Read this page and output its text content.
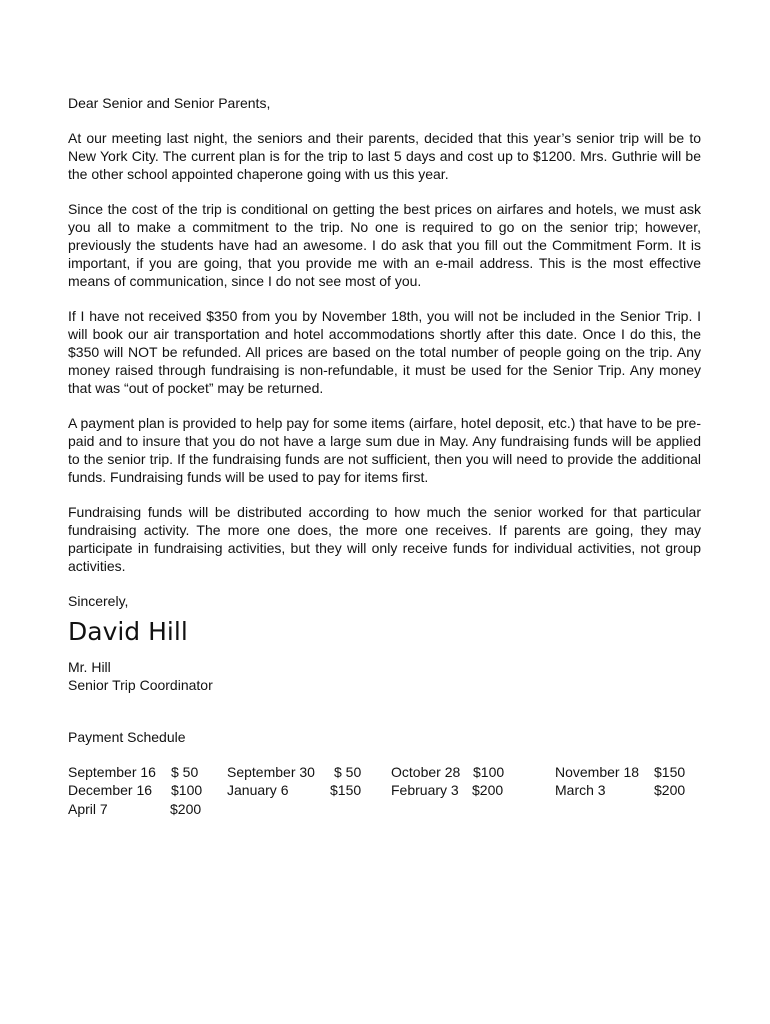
Dear Senior and Senior Parents,

At our meeting last night, the seniors and their parents, decided that this year’s senior trip will be to New York City. The current plan is for the trip to last 5 days and cost up to $1200. Mrs. Guthrie will be the other school appointed chaperone going with us this year.

Since the cost of the trip is conditional on getting the best prices on airfares and hotels, we must ask you all to make a commitment to the trip. No one is required to go on the senior trip; however, previously the students have had an awesome. I do ask that you fill out the Commitment Form. It is important, if you are going, that you provide me with an e-mail address. This is the most effective means of communication, since I do not see most of you.

If I have not received $350 from you by November 18th, you will not be included in the Senior Trip. I will book our air transportation and hotel accommodations shortly after this date. Once I do this, the $350 will NOT be refunded. All prices are based on the total number of people going on the trip. Any money raised through fundraising is non-refundable, it must be used for the Senior Trip. Any money that was “out of pocket” may be returned.

A payment plan is provided to help pay for some items (airfare, hotel deposit, etc.) that have to be pre-paid and to insure that you do not have a large sum due in May. Any fundraising funds will be applied to the senior trip. If the fundraising funds are not sufficient, then you will need to provide the additional funds. Fundraising funds will be used to pay for items first.

Fundraising funds will be distributed according to how much the senior worked for that particular fundraising activity. The more one does, the more one receives. If parents are going, they may participate in fundraising activities, but they will only receive funds for individual activities, not group activities.

Sincerely,

David Hill

Mr. Hill

Senior Trip Coordinator

Payment Schedule

September 16 $ 50 September 30 $ 50 October 28 $100	November 18 $150
December 16 $100 January 6	$150 February 3 $200	March 3	$200
April 7	$200
